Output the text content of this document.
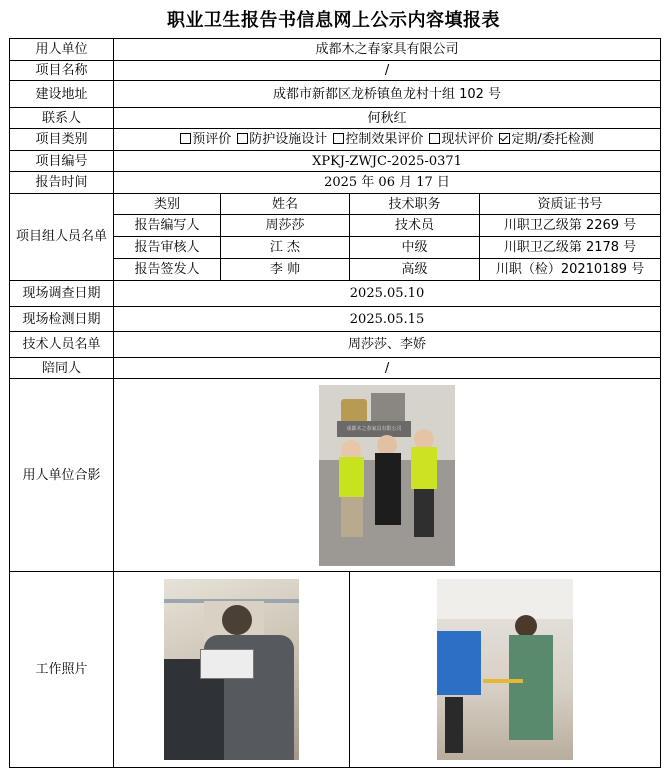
职业卫生报告书信息网上公示内容填报表
用人单位	成都木之春家具有限公司			
项目名称	/			
建设地址	成都市新都区龙桥镇鱼龙村十组 102 号			
联系人	何秋红			
项目类别	预评价 防护设施设计 控制效果评价 现状评价 定期/委托检测			
项目编号	XPKJ-ZWJC-2025-0371			
报告时间	2025 年 06 月 17 日			
项目组人员名单	类别	姓名	技术职务	资质证书号
	报告编写人	周莎莎	技术员	川职卫乙级第 2269 号
	报告审核人	江 杰	中级	川职卫乙级第 2178 号
	报告签发人	李 帅	高级	川职（检）20210189 号
现场调查日期	2025.05.10			
现场检测日期	2025.05.15			
技术人员名单	周莎莎、李娇			
陪同人	/			
用人单位合影	成都木之春家具有限公司			

工作照片			
